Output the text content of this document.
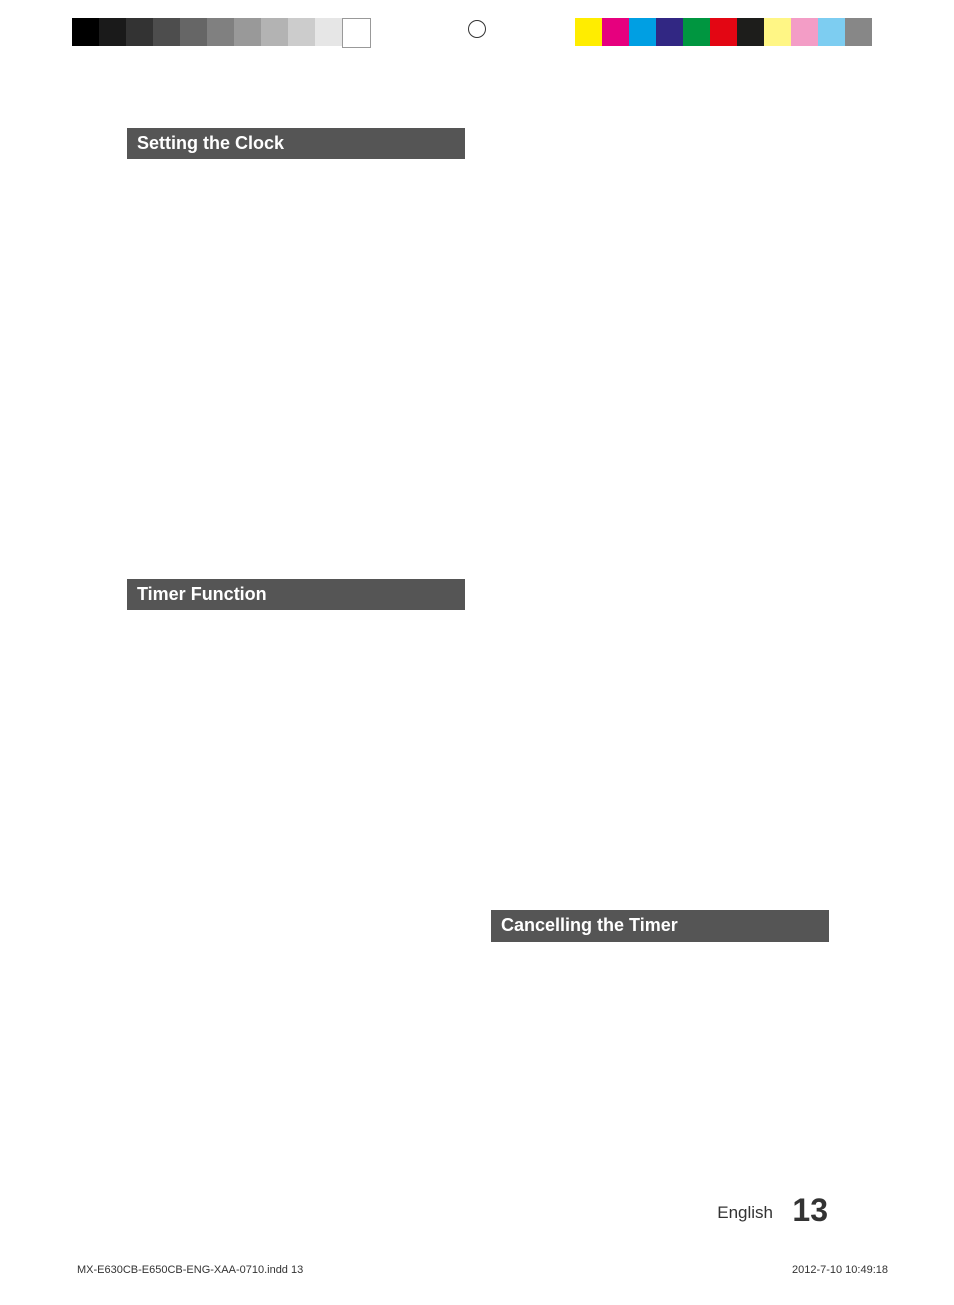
Setting the Clock
Timer Function
Cancelling the Timer
English 13
MX-E630CB-E650CB-ENG-XAA-0710.indd 13	2012-7-10 10:49:18
